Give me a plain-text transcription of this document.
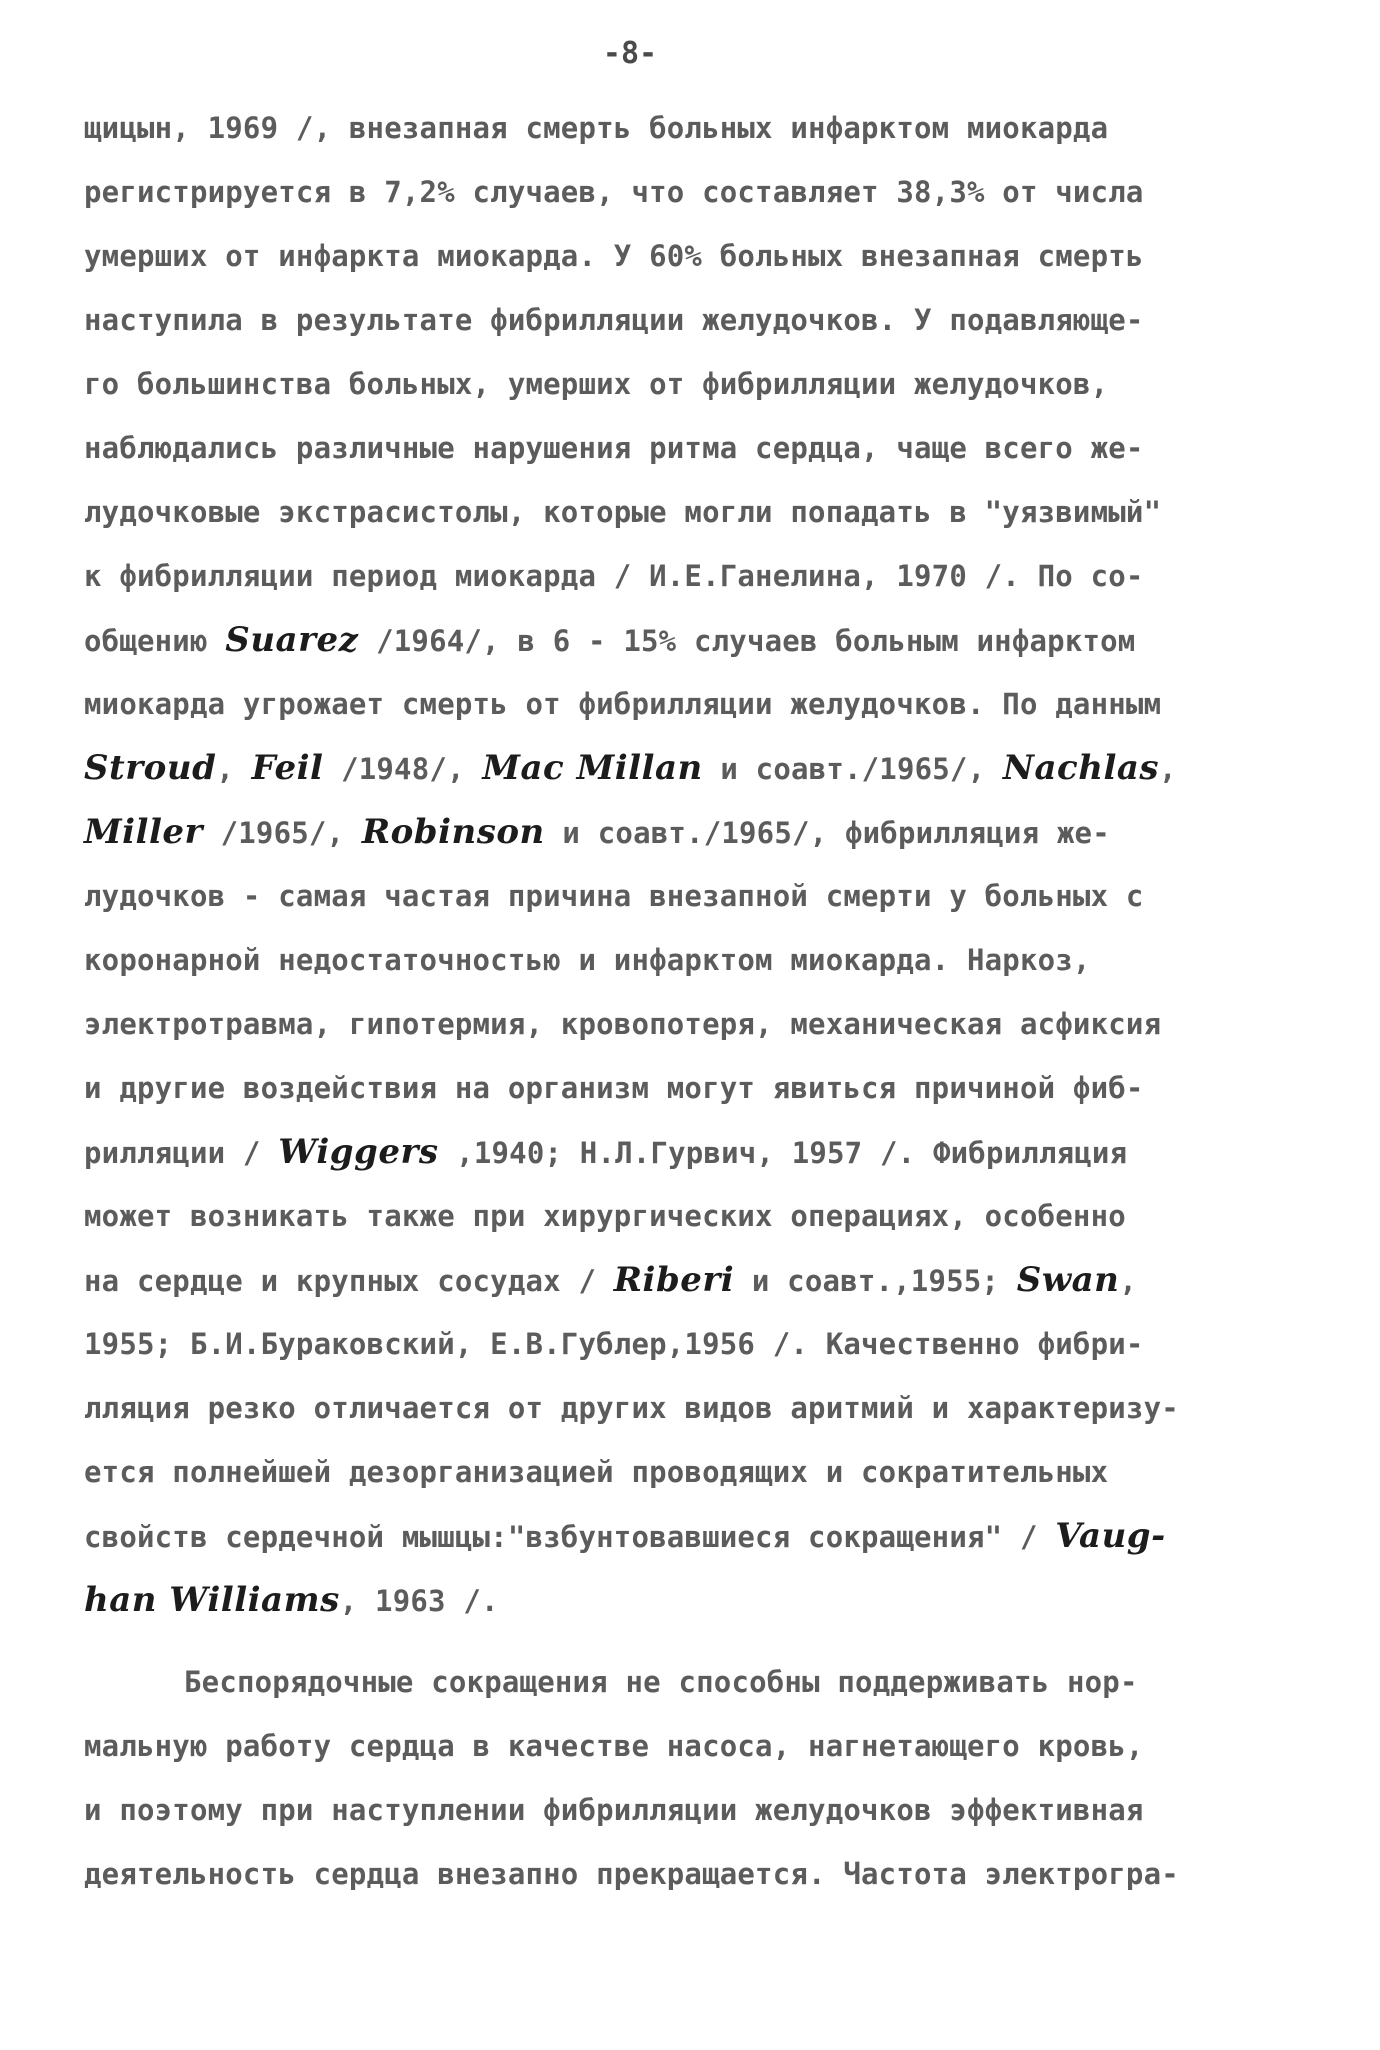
-8-
щицын, 1969 /, внезапная смерть больных инфарктом миокарда
регистрируется в 7,2% случаев, что составляет 38,3% от числа
умерших от инфаркта миокарда. У 60% больных внезапная смерть
наступила в результате фибрилляции желудочков. У подавляюще-
го большинства больных, умерших от фибрилляции желудочков,
наблюдались различные нарушения ритма сердца, чаще всего же-
лудочковые экстрасистолы, которые могли попадать в "уязвимый"
к фибрилляции период миокарда / И.Е.Ганелина, 1970 /. По со-
общению Suarez /1964/, в 6 - 15% случаев больным инфарктом
миокарда угрожает смерть от фибрилляции желудочков. По данным
Stroud, Feil /1948/, Mac Millan и соавт./1965/, Nachlas,
Miller /1965/, Robinson и соавт./1965/, фибрилляция же-
лудочков - самая частая причина внезапной смерти у больных с
коронарной недостаточностью и инфарктом миокарда. Наркоз,
электротравма, гипотермия, кровопотеря, механическая асфиксия
и другие воздействия на организм могут явиться причиной фиб-
рилляции / Wiggers ,1940; Н.Л.Гурвич, 1957 /. Фибрилляция
может возникать также при хирургических операциях, особенно
на сердце и крупных сосудах / Riberi и соавт.,1955; Swan,
1955; Б.И.Бураковский, Е.В.Гублер,1956 /. Качественно фибри-
лляция резко отличается от других видов аритмий и характеризу-
ется полнейшей дезорганизацией проводящих и сократительных
свойств сердечной мышцы:"взбунтовавшиеся сокращения" / Vaug-
han Williams, 1963 /.
Беспорядочные сокращения не способны поддерживать нор-
мальную работу сердца в качестве насоса, нагнетающего кровь,
и поэтому при наступлении фибрилляции желудочков эффективная
деятельность сердца внезапно прекращается. Частота электрогра-
